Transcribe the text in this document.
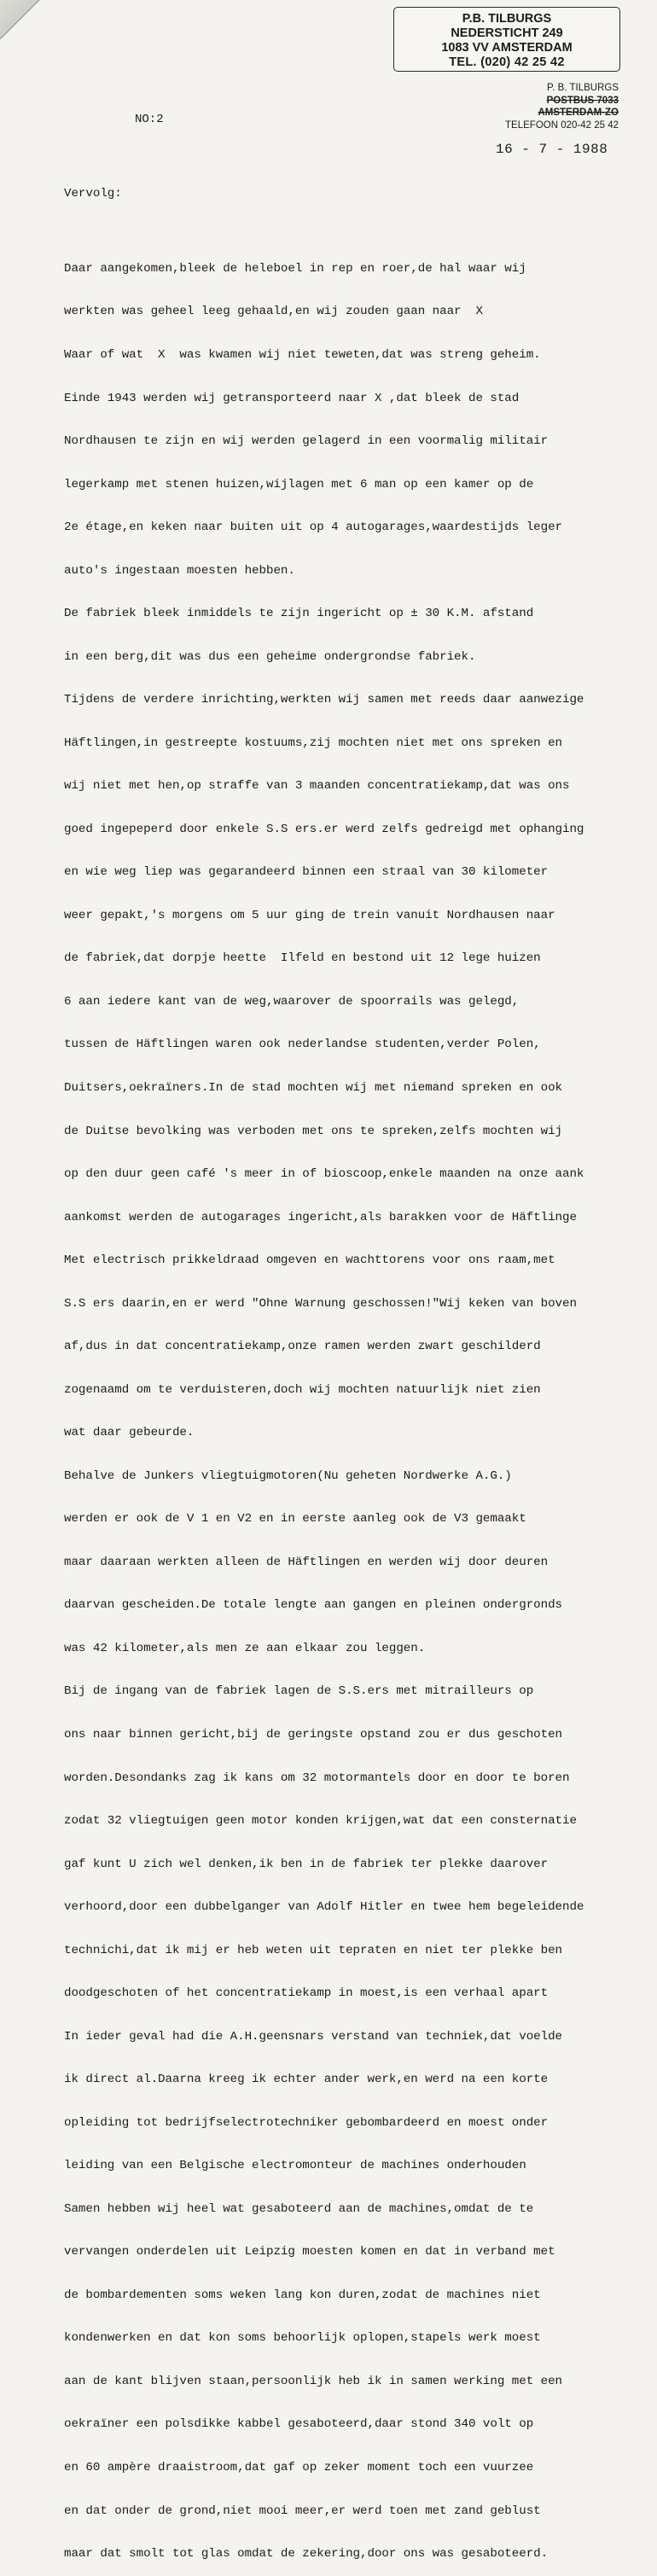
P.B. TILBURGS
NEDERSTICHT 249
1083 VV AMSTERDAM
TEL. (020) 42 25 42
P. B. TILBURGS
POSTBUS 7033
AMSTERDAM-ZO
TELEFOON 020-42 25 42
NO:2
16 - 7 - 1988

Vervolg:

Daar aangekomen,bleek de heleboel in rep en roer,de hal waar wij

werkten was geheel leeg gehaald,en wij zouden gaan naar  X

Waar of wat  X  was kwamen wij niet teweten,dat was streng geheim.

Einde 1943 werden wij getransporteerd naar X ,dat bleek de stad

Nordhausen te zijn en wij werden gelagerd in een voormalig militair

legerkamp met stenen huizen,wijlagen met 6 man op een kamer op de

2e étage,en keken naar buiten uit op 4 autogarages,waardestijds leger

auto's ingestaan moesten hebben.

De fabriek bleek inmiddels te zijn ingericht op ± 30 K.M. afstand

in een berg,dit was dus een geheime ondergrondse fabriek.

Tijdens de verdere inrichting,werkten wij samen met reeds daar aanwezige

Häftlingen,in gestreepte kostuums,zij mochten niet met ons spreken en

wij niet met hen,op straffe van 3 maanden concentratiekamp,dat was ons

goed ingepeperd door enkele S.S ers.er werd zelfs gedreigd met ophanging

en wie weg liep was gegarandeerd binnen een straal van 30 kilometer

weer gepakt,'s morgens om 5 uur ging de trein vanuit Nordhausen naar

de fabriek,dat dorpje heette  Ilfeld en bestond uit 12 lege huizen

6 aan iedere kant van de weg,waarover de spoorrails was gelegd,

tussen de Häftlingen waren ook nederlandse studenten,verder Polen,

Duitsers,oekraïners.In de stad mochten wij met niemand spreken en ook

de Duitse bevolking was verboden met ons te spreken,zelfs mochten wij

op den duur geen café 's meer in of bioscoop,enkele maanden na onze aank

aankomst werden de autogarages ingericht,als barakken voor de Häftlinge

Met electrisch prikkeldraad omgeven en wachttorens voor ons raam,met

S.S ers daarin,en er werd "Ohne Warnung geschossen!"Wij keken van boven

af,dus in dat concentratiekamp,onze ramen werden zwart geschilderd

zogenaamd om te verduisteren,doch wij mochten natuurlijk niet zien

wat daar gebeurde.

Behalve de Junkers vliegtuigmotoren(Nu geheten Nordwerke A.G.)

werden er ook de V 1 en V2 en in eerste aanleg ook de V3 gemaakt

maar daaraan werkten alleen de Häftlingen en werden wij door deuren

daarvan gescheiden.De totale lengte aan gangen en pleinen ondergronds

was 42 kilometer,als men ze aan elkaar zou leggen.

Bij de ingang van de fabriek lagen de S.S.ers met mitrailleurs op

ons naar binnen gericht,bij de geringste opstand zou er dus geschoten

worden.Desondanks zag ik kans om 32 motormantels door en door te boren

zodat 32 vliegtuigen geen motor konden krijgen,wat dat een consternatie

gaf kunt U zich wel denken,ik ben in de fabriek ter plekke daarover

verhoord,door een dubbelganger van Adolf Hitler en twee hem begeleidende

technichi,dat ik mij er heb weten uit tepraten en niet ter plekke ben

doodgeschoten of het concentratiekamp in moest,is een verhaal apart

In ieder geval had die A.H.geensnars verstand van techniek,dat voelde

ik direct al.Daarna kreeg ik echter ander werk,en werd na een korte

opleiding tot bedrijfselectrotechniker gebombardeerd en moest onder

leiding van een Belgische electromonteur de machines onderhouden

Samen hebben wij heel wat gesaboteerd aan de machines,omdat de te

vervangen onderdelen uit Leipzig moesten komen en dat in verband met

de bombardementen soms weken lang kon duren,zodat de machines niet

kondenwerken en dat kon soms behoorlijk oplopen,stapels werk moest

aan de kant blijven staan,persoonlijk heb ik in samen werking met een

oekraïner een polsdikke kabbel gesaboteerd,daar stond 340 volt op

en 60 ampère draaistroom,dat gaf op zeker moment toch een vuurzee

en dat onder de grond,niet mooi meer,er werd toen met zand geblust

maar dat smolt tot glas omdat de zekering,door ons was gesaboteerd.
